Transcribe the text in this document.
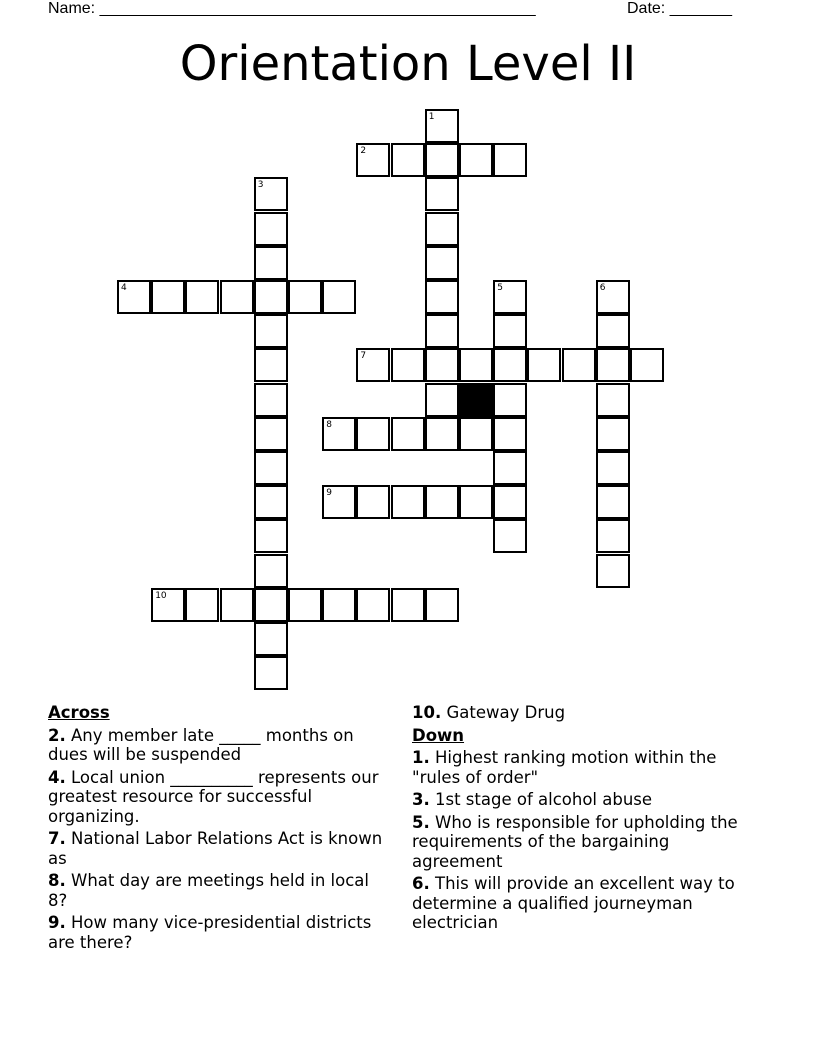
Name: _________________________________________________	Date: _______
Orientation Level II
1
2
3
4	5	6
7
8
9
10
Across
2. Any member late _____ months on dues will be suspended
4. Local union __________ represents our greatest resource for successful organizing.
7. National Labor Relations Act is known as
8. What day are meetings held in local 8?
9. How many vice-presidential districts are there?
10. Gateway Drug
Down
1. Highest ranking motion within the "rules of order"
3. 1st stage of alcohol abuse
5. Who is responsible for upholding the requirements of the bargaining agreement
6. This will provide an excellent way to determine a qualified journeyman electrician
